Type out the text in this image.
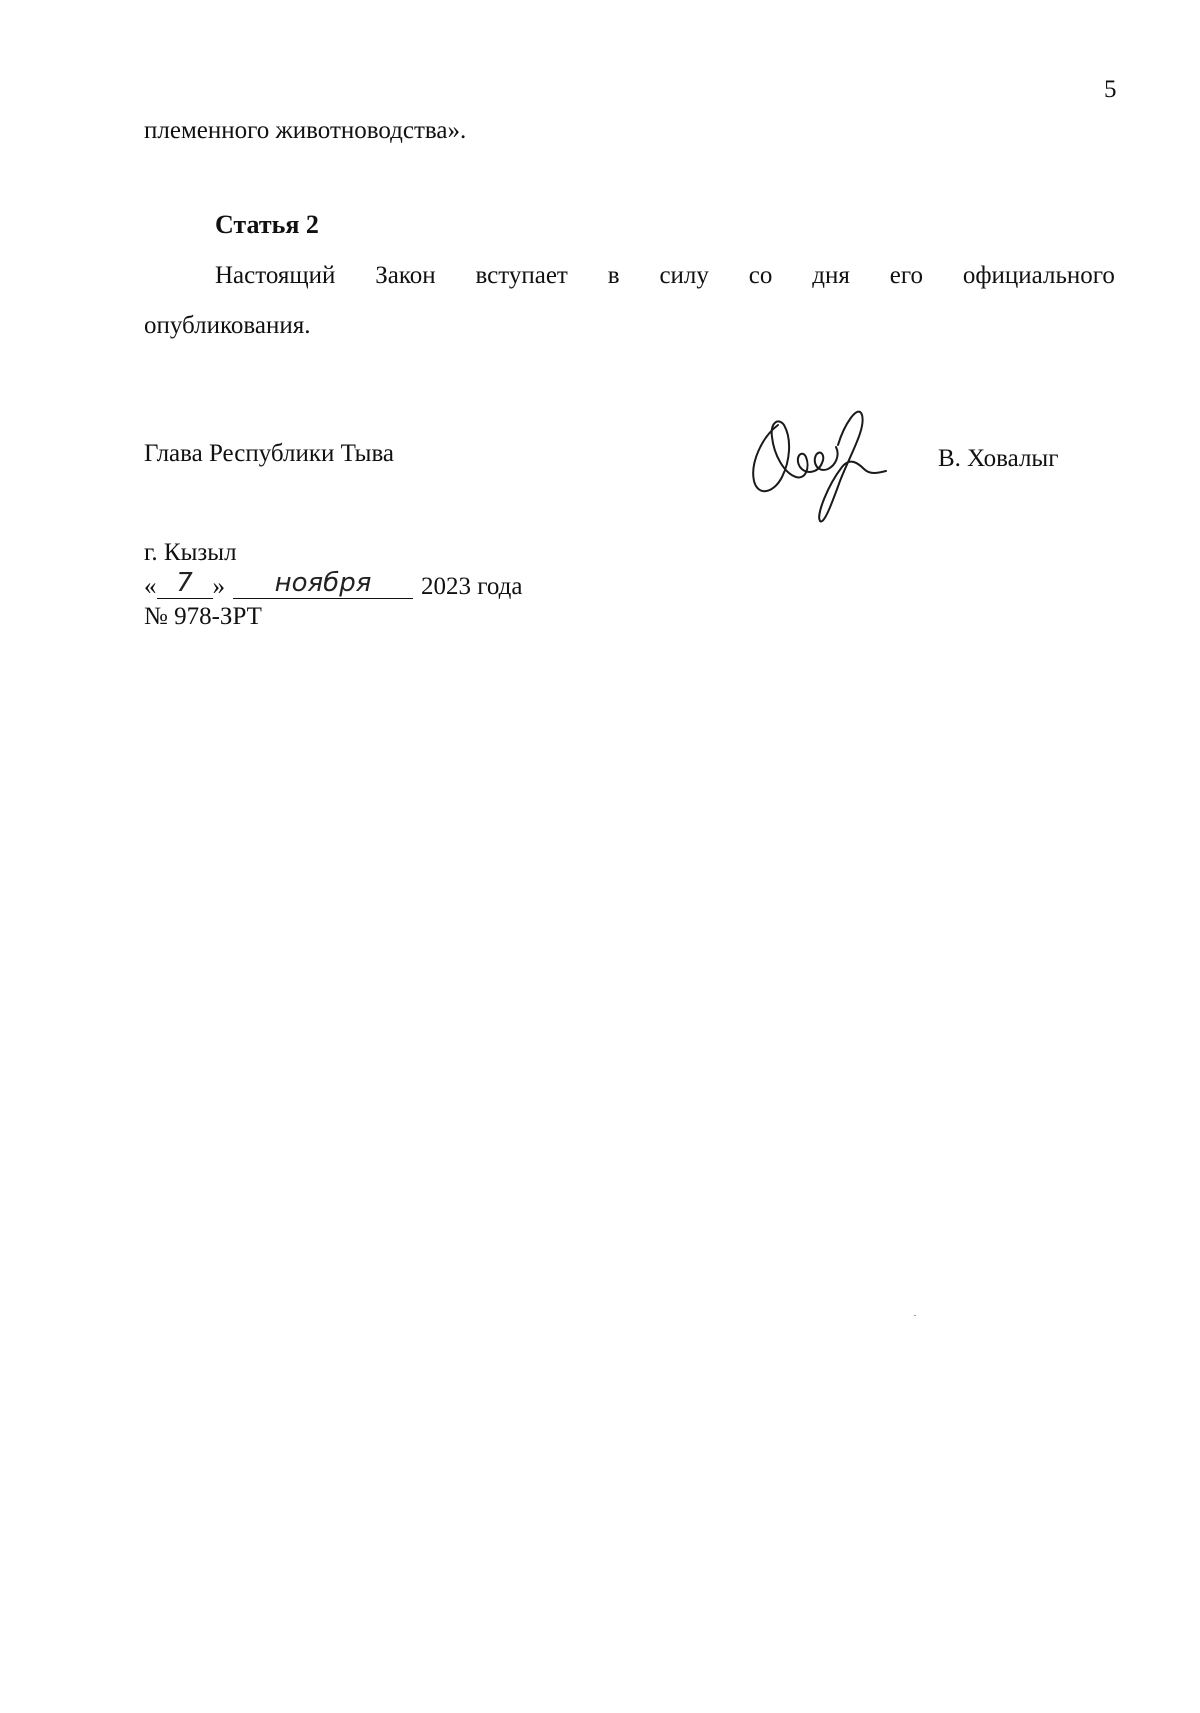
5
племенного животноводства».
Статья 2
Настоящий Закон вступает в силу со дня его официального
опубликования.
Глава Республики Тыва	В. Ховалыг
г. Кызыл
« 7 »	ноября	2023 года
№ 978-ЗРТ
